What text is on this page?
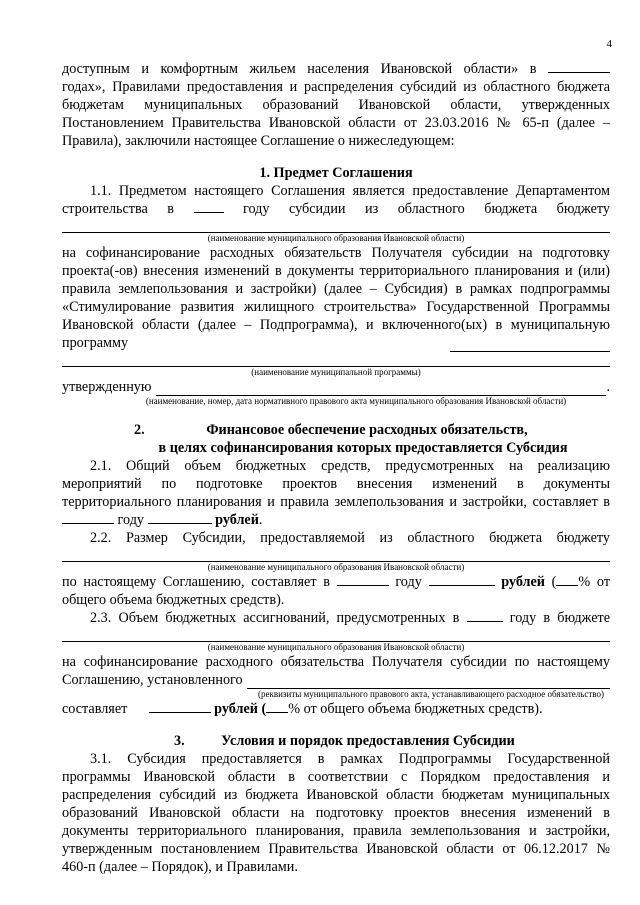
4

доступным и комфортным жильем населения Ивановской области» в

годах», Правилами предоставления и распределения субсидий из областного бюджета

бюджетам муниципальных образований Ивановской области, утвержденных

Постановлением Правительства Ивановской области от 23.03.2016 № 65-п (далее –

Правила), заключили настоящее Соглашение о нижеследующем:

1. Предмет Соглашения

1.1. Предметом настоящего Соглашения является предоставление Департаментом

строительства в	году субсидии из областного бюджета бюджету

(наименование муниципального образования Ивановской области)

на софинансирование расходных обязательств Получателя субсидии на подготовку

проекта(-ов) внесения изменений в документы территориального планирования и (или)

правила землепользования и застройки) (далее – Субсидия) в рамках подпрограммы

«Стимулирование развития жилищного строительства» Государственной Программы

Ивановской области (далее – Подпрограмма), и включенного(ых) в муниципальную

программу

(наименование муниципальной программы)

утвержденную	.

(наименование, номер, дата нормативного правового акта муниципального образования Ивановской области)

2.	Финансовое обеспечение расходных обязательств,

в целях софинансирования которых предоставляется Субсидия

2.1. Общий объем бюджетных средств, предусмотренных на реализацию

мероприятий по подготовке проектов внесения изменений в документы

территориального планирования и правила землепользования и застройки, составляет в

году	рублей.

2.2. Размер Субсидии, предоставляемой из областного бюджета бюджету

(наименование муниципального образования Ивановской области)

по настоящему Соглашению, составляет в	году	рублей ( % от

общего объема бюджетных средств).

2.3. Объем бюджетных ассигнований, предусмотренных в	году в бюджете

(наименование муниципального образования Ивановской области)

на софинансирование расходного обязательства Получателя субсидии по настоящему

Соглашению, установленного

(реквизиты муниципального правового акта, устанавливающего расходное обязательство)

составляет	рублей ( % от общего объема бюджетных средств).

3.	Условия и порядок предоставления Субсидии

3.1. Субсидия предоставляется в рамках Подпрограммы Государственной

программы Ивановской области в соответствии с Порядком предоставления и

распределения субсидий из бюджета Ивановской области бюджетам муниципальных

образований Ивановской области на подготовку проектов внесения изменений в

документы территориального планирования, правила землепользования и застройки,

утвержденным постановлением Правительства Ивановской области от 06.12.2017 №

460-п (далее – Порядок), и Правилами.
